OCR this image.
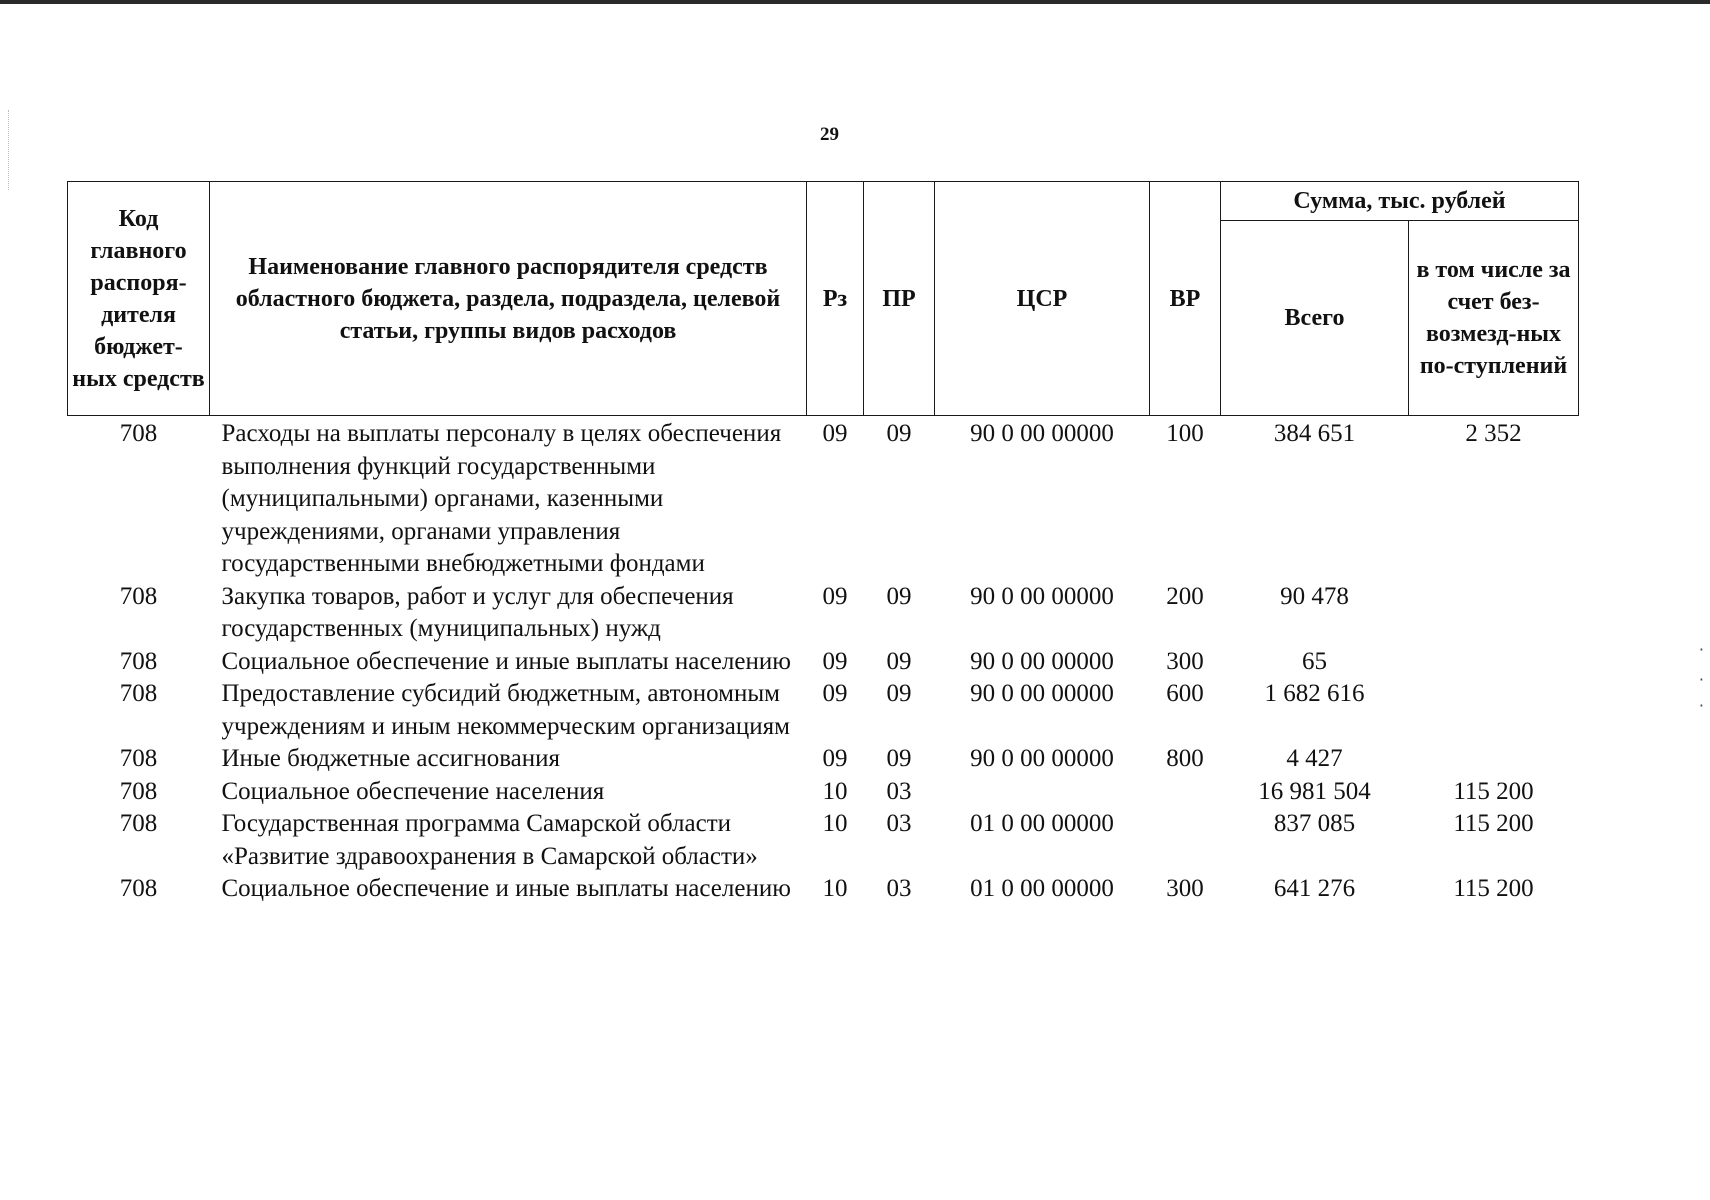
·
·
·
29
Код главного распоря-дителя бюджет-ных средств	Наименование главного распорядителя средств областного бюджета, раздела, подраздела, целевой статьи, группы видов расходов	Рз	ПР	ЦСР	ВР	Сумма, тыс. рублей	
						Всего	в том числе за счет без-возмезд-ных по-ступлений
708	Расходы на выплаты персоналу в целях обеспечения выполнения функций государственными (муниципальными) органами, казенными учреждениями, органами управления государственными внебюджетными фондами	09	09	90 0 00 00000	100	384 651	2 352
708	Закупка товаров, работ и услуг для обеспечения государственных (муниципальных) нужд	09	09	90 0 00 00000	200	90 478	
708	Социальное обеспечение и иные выплаты населению	09	09	90 0 00 00000	300	65	
708	Предоставление субсидий бюджетным, автономным учреждениям и иным некоммерческим организациям	09	09	90 0 00 00000	600	1 682 616	
708	Иные бюджетные ассигнования	09	09	90 0 00 00000	800	4 427	
708	Социальное обеспечение населения	10	03			16 981 504	115 200
708	Государственная программа Самарской области «Развитие здравоохранения в Самарской области»	10	03	01 0 00 00000		837 085	115 200
708	Социальное обеспечение и иные выплаты населению	10	03	01 0 00 00000	300	641 276	115 200
